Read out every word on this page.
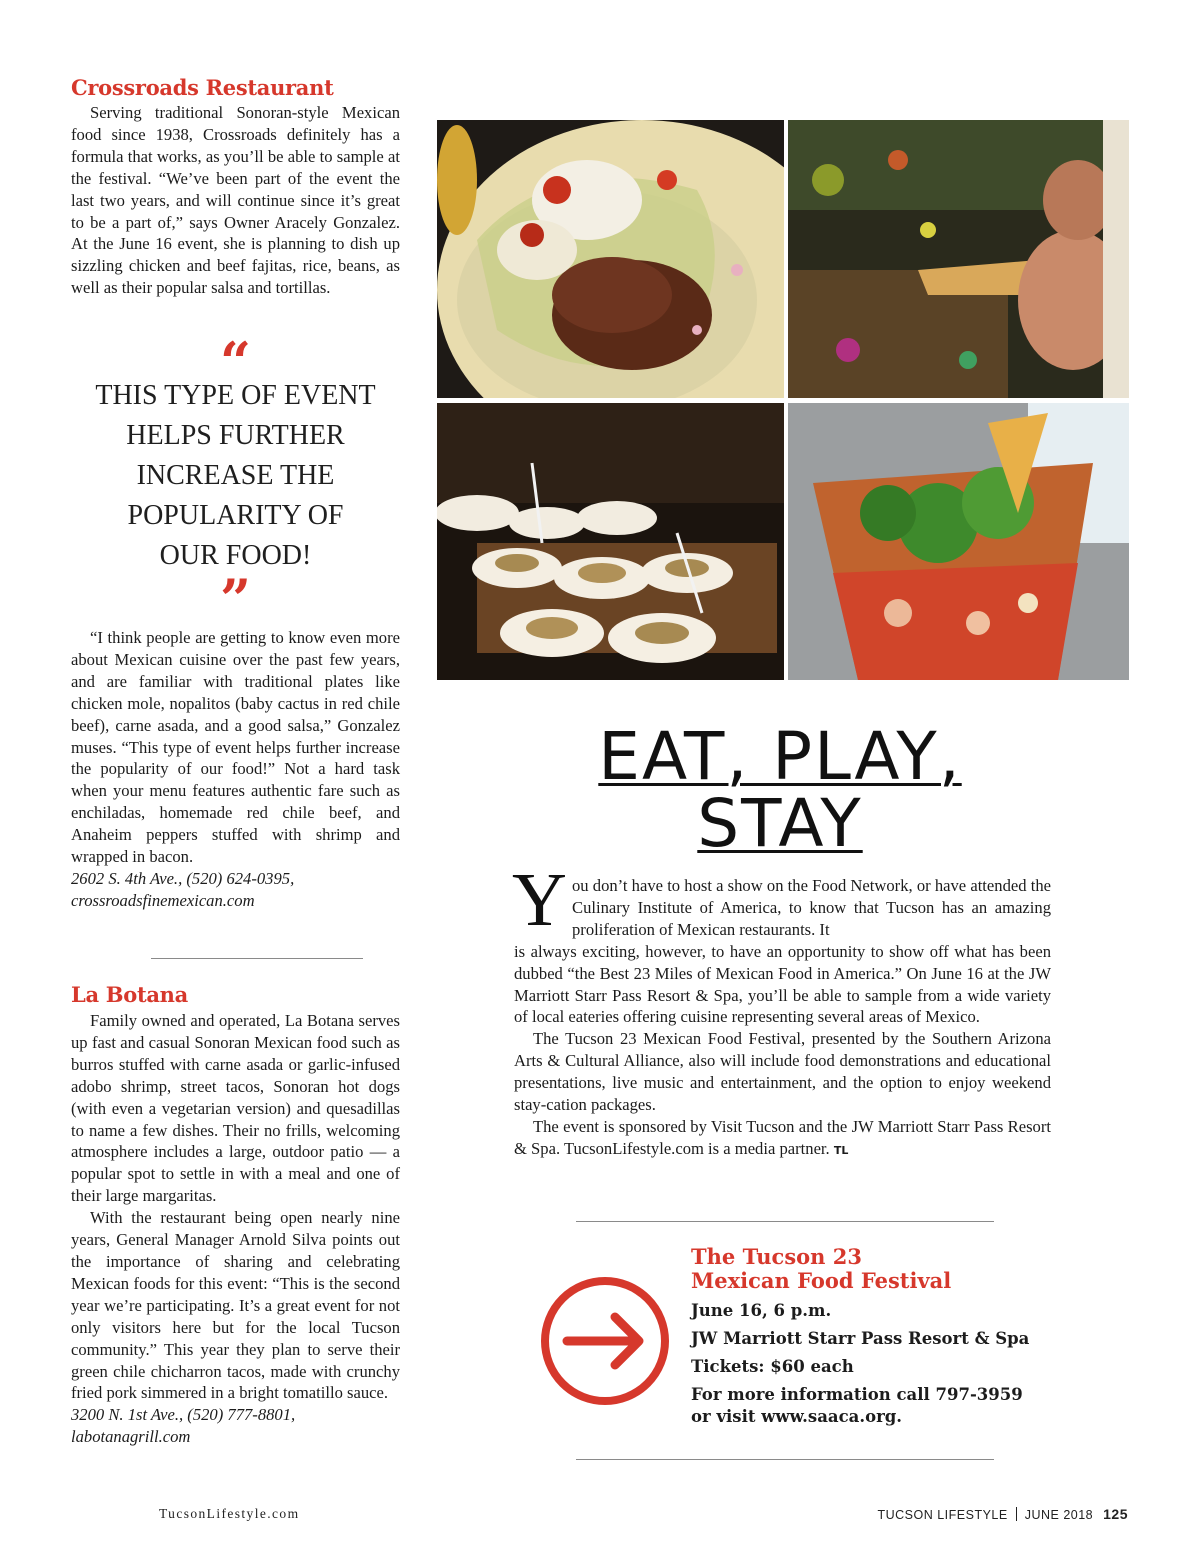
Crossroads Restaurant

Serving traditional Sonoran-style Mexican food since 1938, Crossroads definitely has a formula that works, as you’ll be able to sample at the festival. “We’ve been part of the event the last two years, and will continue since it’s great to be a part of,” says Owner Aracely Gonzalez. At the June 16 event, she is planning to dish up sizzling chicken and beef fajitas, rice, beans, as well as their popular salsa and tortillas.

“
THIS TYPE OF EVENT
HELPS FURTHER
INCREASE THE
POPULARITY OF
OUR FOOD!
”

“I think people are getting to know even more about Mexican cuisine over the past few years, and are familiar with traditional plates like chicken mole, nopalitos (baby cactus in red chile beef), carne asada, and a good salsa,” Gonzalez muses. “This type of event helps further increase the popularity of our food!” Not a hard task when your menu features authentic fare such as enchiladas, homemade red chile beef, and Anaheim peppers stuffed with shrimp and wrapped in bacon.

2602 S. 4th Ave., (520) 624-0395,

crossroadsfinemexican.com

La Botana

Family owned and operated, La Botana serves up fast and casual Sonoran Mexican food such as burros stuffed with carne asada or garlic-infused adobo shrimp, street tacos, Sonoran hot dogs (with even a vegetarian version) and quesadillas to name a few dishes. Their no frills, welcoming atmosphere includes a large, outdoor patio — a popular spot to settle in with a meal and one of their large margaritas.

With the restaurant being open nearly nine years, General Manager Arnold Silva points out the importance of sharing and celebrating Mexican foods for this event: “This is the second year we’re participating. It’s a great event for not only visitors here but for the local Tucson community.” This year they plan to serve their green chile chicharron tacos, made with crunchy fried pork simmered in a bright tomatillo sauce.

3200 N. 1st Ave., (520) 777-8801,

labotanagrill.com

EAT, PLAY,
STAY
Y ou don’t have to host a show on the Food Network, or have attended the Culinary Institute of America, to know that Tucson has an amazing proliferation of Mexican restaurants. It
is always exciting, however, to have an opportunity to show off what has been dubbed “the Best 23 Miles of Mexican Food in America.” On June 16 at the JW Marriott Starr Pass Resort & Spa, you’ll be able to sample from a wide variety of local eateries offering cuisine representing several areas of Mexico.

The Tucson 23 Mexican Food Festival, presented by the Southern Arizona Arts & Cultural Alliance, also will include food demonstrations and educational presentations, live music and entertainment, and the option to enjoy weekend stay-cation packages.

The event is sponsored by Visit Tucson and the JW Marriott Starr Pass Resort & Spa. TucsonLifestyle.com is a media partner. TL

The Tucson 23
Mexican Food Festival

June 16, 6 p.m.

JW Marriott Starr Pass Resort & Spa

Tickets: $60 each

For more information call 797-3959

or visit www.saaca.org.

TucsonLifestyle.com	TUCSON LIFESTYLE JUNE 2018 125
